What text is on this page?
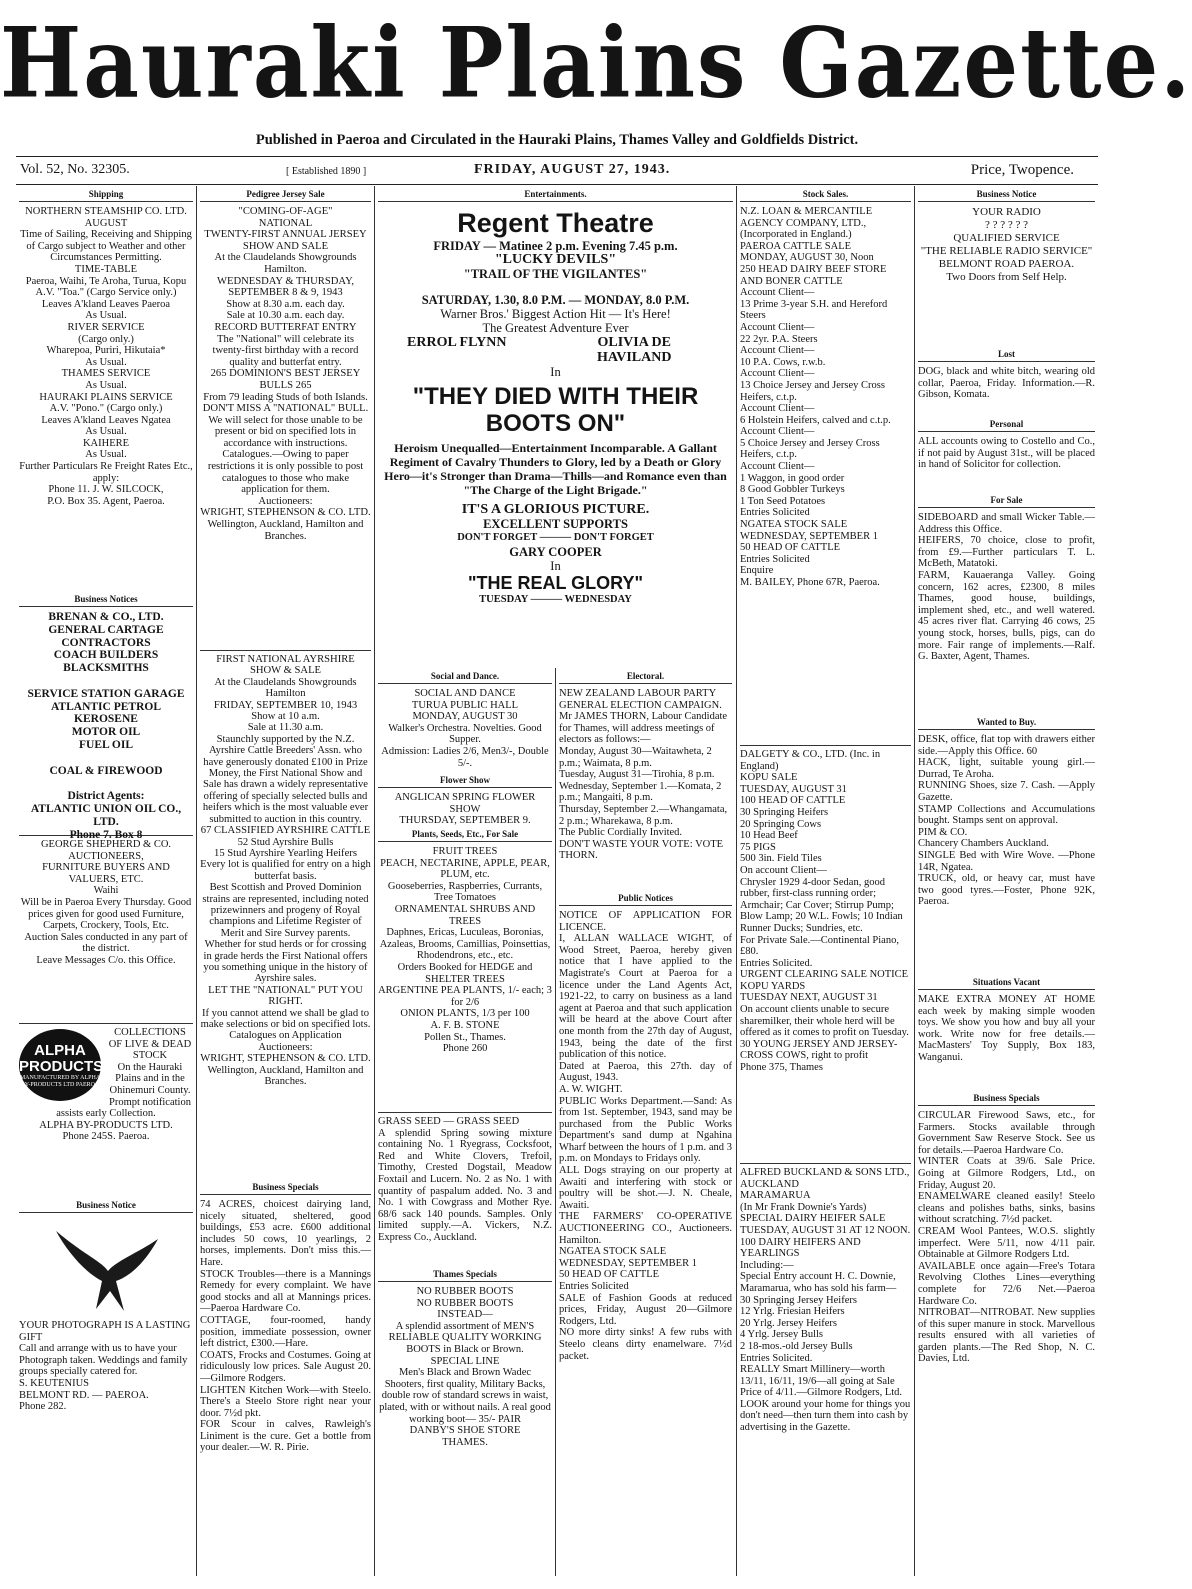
Hauraki Plains Gazette.
Published in Paeroa and Circulated in the Hauraki Plains, Thames Valley and Goldfields District.
Vol. 52, No. 32305.	[ Established 1890 ]	FRIDAY, AUGUST 27, 1943.	Price, Twopence.
Shipping
NORTHERN STEAMSHIP CO. LTD.
AUGUST
Time of Sailing, Receiving and Shipping of Cargo subject to Weather and other Circumstances Permitting.
TIME-TABLE
Paeroa, Waihi, Te Aroha, Turua, Kopu
A.V. "Toa." (Cargo Service only.)
Leaves A'kland Leaves Paeroa
As Usual.
RIVER SERVICE
(Cargo only.)
Wharepoa, Puriri, Hikutaia*
As Usual.
THAMES SERVICE
As Usual.
HAURAKI PLAINS SERVICE
A.V. "Pono." (Cargo only.)
Leaves A'kland Leaves Ngatea
As Usual.
KAIHERE
As Usual.
Further Particulars Re Freight Rates Etc., apply:
Phone 11. J. W. SILCOCK,
P.O. Box 35. Agent, Paeroa.
Business Notices
BRENAN & CO., LTD.
GENERAL CARTAGE CONTRACTORS
COACH BUILDERS
BLACKSMITHS

SERVICE STATION GARAGE
ATLANTIC PETROL
KEROSENE
MOTOR OIL
FUEL OIL

COAL & FIREWOOD

District Agents:
ATLANTIC UNION OIL CO., LTD.
Phone 7. Box 8
GEORGE SHEPHERD & CO.
AUCTIONEERS,
FURNITURE BUYERS AND VALUERS, ETC.
Waihi
Will be in Paeroa Every Thursday. Good prices given for good used Furniture, Carpets, Crockery, Tools, Etc.
Auction Sales conducted in any part of the district.
Leave Messages C/o. this Office.
ALPHA
PRODUCTS
MANUFACTURED BY ALPHA BY-PRODUCTS LTD PAEROA
COLLECTIONS OF LIVE & DEAD STOCK
On the Hauraki Plains and in the Ohinemuri County.
Prompt notification assists early Collection.
ALPHA BY-PRODUCTS LTD.
Phone 245S. Paeroa.
Business Notice
YOUR PHOTOGRAPH IS A LASTING GIFT
Call and arrange with us to have your Photograph taken. Weddings and family groups specially catered for.
S. KEUTENIUS
BELMONT RD. — PAEROA.
Phone 282.
Pedigree Jersey Sale
"COMING-OF-AGE"
NATIONAL
TWENTY-FIRST ANNUAL JERSEY SHOW AND SALE
At the Claudelands Showgrounds Hamilton.
WEDNESDAY & THURSDAY, SEPTEMBER 8 & 9, 1943
Show at 8.30 a.m. each day.
Sale at 10.30 a.m. each day.
RECORD BUTTERFAT ENTRY
The "National" will celebrate its twenty-first birthday with a record quality and butterfat entry.
265 DOMINION'S BEST JERSEY BULLS 265
From 79 leading Studs of both Islands.
DON'T MISS A "NATIONAL" BULL.
We will select for those unable to be present or bid on specified lots in accordance with instructions.
Catalogues.—Owing to paper restrictions it is only possible to post catalogues to those who make application for them.
Auctioneers:
WRIGHT, STEPHENSON & CO. LTD.
Wellington, Auckland, Hamilton and Branches.
FIRST NATIONAL AYRSHIRE SHOW & SALE
At the Claudelands Showgrounds Hamilton
FRIDAY, SEPTEMBER 10, 1943
Show at 10 a.m.
Sale at 11.30 a.m.
Staunchly supported by the N.Z. Ayrshire Cattle Breeders' Assn. who have generously donated £100 in Prize Money, the First National Show and Sale has drawn a widely representative offering of specially selected bulls and heifers which is the most valuable ever submitted to auction in this country.
67 CLASSIFIED AYRSHIRE CATTLE
52 Stud Ayrshire Bulls
15 Stud Ayrshire Yearling Heifers
Every lot is qualified for entry on a high butterfat basis.
Best Scottish and Proved Dominion strains are represented, including noted prizewinners and progeny of Royal champions and Lifetime Register of Merit and Sire Survey parents.
Whether for stud herds or for crossing in grade herds the First National offers you something unique in the history of Ayrshire sales.
LET THE "NATIONAL" PUT YOU RIGHT.
If you cannot attend we shall be glad to make selections or bid on specified lots.
Catalogues on Application
Auctioneers:
WRIGHT, STEPHENSON & CO. LTD.
Wellington, Auckland, Hamilton and Branches.
Business Specials
74 ACRES, choicest dairying land, nicely situated, sheltered, good buildings, £53 acre. £600 additional includes 50 cows, 10 yearlings, 2 horses, implements. Don't miss this.—Hare.
STOCK Troubles—there is a Mannings Remedy for every complaint. We have good stocks and all at Mannings prices.—Paeroa Hardware Co.
COTTAGE, four-roomed, handy position, immediate possession, owner left district, £300.—Hare.
COATS, Frocks and Costumes. Going at ridiculously low prices. Sale August 20.—Gilmore Rodgers.
LIGHTEN Kitchen Work—with Steelo. There's a Steelo Store right near your door. 7½d pkt.
FOR Scour in calves, Rawleigh's Liniment is the cure. Get a bottle from your dealer.—W. R. Pirie.
Entertainments.
Regent Theatre
FRIDAY — Matinee 2 p.m. Evening 7.45 p.m.
"LUCKY DEVILS"
"TRAIL OF THE VIGILANTES"
SATURDAY, 1.30, 8.0 P.M. — MONDAY, 8.0 P.M.
Warner Bros.' Biggest Action Hit — It's Here!
The Greatest Adventure Ever
ERROL FLYNN	OLIVIA DE HAVILAND
In
"THEY DIED WITH THEIR BOOTS ON"
Heroism Unequalled—Entertainment Incomparable. A Gallant Regiment of Cavalry Thunders to Glory, led by a Death or Glory Hero—it's Stronger than Drama—Thills—and Romance even than "The Charge of the Light Brigade."
IT'S A GLORIOUS PICTURE.
EXCELLENT SUPPORTS
DON'T FORGET ——— DON'T FORGET
GARY COOPER
In
"THE REAL GLORY"
TUESDAY ——— WEDNESDAY
Social and Dance.
SOCIAL AND DANCE
TURUA PUBLIC HALL
MONDAY, AUGUST 30
Walker's Orchestra. Novelties. Good Supper.
Admission: Ladies 2/6, Men3/-, Double 5/-.
Flower Show
ANGLICAN SPRING FLOWER SHOW
THURSDAY, SEPTEMBER 9.
Plants, Seeds, Etc., For Sale
FRUIT TREES
PEACH, NECTARINE, APPLE, PEAR, PLUM, etc.
Gooseberries, Raspberries, Currants, Tree Tomatoes
ORNAMENTAL SHRUBS AND TREES
Daphnes, Ericas, Luculeas, Boronias, Azaleas, Brooms, Camillias, Poinsettias, Rhodendrons, etc., etc.
Orders Booked for HEDGE and SHELTER TREES
ARGENTINE PEA PLANTS, 1/- each; 3 for 2/6
ONION PLANTS, 1/3 per 100
A. F. B. STONE
Pollen St., Thames.
Phone 260
GRASS SEED — GRASS SEED
A splendid Spring sowing mixture containing No. 1 Ryegrass, Cocksfoot, Red and White Clovers, Trefoil, Timothy, Crested Dogstail, Meadow Foxtail and Lucern. No. 2 as No. 1 with quantity of paspalum added. No. 3 and No. 1 with Cowgrass and Mother Rye. 68/6 sack 140 pounds. Samples. Only limited supply.—A. Vickers, N.Z. Express Co., Auckland.
Thames Specials
NO RUBBER BOOTS
NO RUBBER BOOTS
INSTEAD—
A splendid assortment of MEN'S RELIABLE QUALITY WORKING BOOTS in Black or Brown.
SPECIAL LINE
Men's Black and Brown Wadec Shooters, first quality, Military Backs, double row of standard screws in waist, plated, with or without nails. A real good working boot— 35/- PAIR
DANBY'S SHOE STORE
THAMES.
Electoral.
NEW ZEALAND LABOUR PARTY
GENERAL ELECTION CAMPAIGN.
Mr JAMES THORN, Labour Candidate for Thames, will address meetings of electors as follows:—
Monday, August 30—Waitawheta, 2 p.m.; Waimata, 8 p.m.
Tuesday, August 31—Tirohia, 8 p.m.
Wednesday, September 1.—Komata, 2 p.m.; Mangaiti, 8 p.m.
Thursday, September 2.—Whangamata, 2 p.m.; Wharekawa, 8 p.m.
The Public Cordially Invited.
DON'T WASTE YOUR VOTE: VOTE THORN.
Public Notices
NOTICE OF APPLICATION FOR LICENCE.
I, ALLAN WALLACE WIGHT, of Wood Street, Paeroa, hereby given notice that I have applied to the Magistrate's Court at Paeroa for a licence under the Land Agents Act, 1921-22, to carry on business as a land agent at Paeroa and that such application will be heard at the above Court after one month from the 27th day of August, 1943, being the date of the first publication of this notice.
Dated at Paeroa, this 27th. day of August, 1943.
A. W. WIGHT.
PUBLIC Works Department.—Sand: As from 1st. September, 1943, sand may be purchased from the Public Works Department's sand dump at Ngahina Wharf between the hours of 1 p.m. and 3 p.m. on Mondays to Fridays only.
ALL Dogs straying on our property at Awaiti and interfering with stock or poultry will be shot.—J. N. Cheale, Awaiti.
THE FARMERS' CO-OPERATIVE AUCTIONEERING CO., Auctioneers. Hamilton.
NGATEA STOCK SALE
WEDNESDAY, SEPTEMBER 1
50 HEAD OF CATTLE
Entries Solicited
SALE of Fashion Goods at reduced prices, Friday, August 20—Gilmore Rodgers, Ltd.
NO more dirty sinks! A few rubs with Steelo cleans dirty enamelware. 7½d packet.
Stock Sales.
N.Z. LOAN & MERCANTILE AGENCY COMPANY, LTD., (Incorporated in England.)
PAEROA CATTLE SALE
MONDAY, AUGUST 30, Noon
250 HEAD DAIRY BEEF STORE AND BONER CATTLE
Account Client—
13 Prime 3-year S.H. and Hereford Steers
Account Client—
22 2yr. P.A. Steers
Account Client—
10 P.A. Cows, r.w.b.
Account Client—
13 Choice Jersey and Jersey Cross Heifers, c.t.p.
Account Client—
6 Holstein Heifers, calved and c.t.p.
Account Client—
5 Choice Jersey and Jersey Cross Heifers, c.t.p.
Account Client—
1 Waggon, in good order
8 Good Gobbler Turkeys
1 Ton Seed Potatoes
Entries Solicited
NGATEA STOCK SALE
WEDNESDAY, SEPTEMBER 1
50 HEAD OF CATTLE
Entries Solicited
Enquire
M. BAILEY, Phone 67R, Paeroa.
DALGETY & CO., LTD. (Inc. in England)
KOPU SALE
TUESDAY, AUGUST 31
100 HEAD OF CATTLE
30 Springing Heifers
20 Springing Cows
10 Head Beef
75 PIGS
500 3in. Field Tiles
On account Client—
Chrysler 1929 4-door Sedan, good rubber, first-class running order; Armchair; Car Cover; Stirrup Pump; Blow Lamp; 20 W.L. Fowls; 10 Indian Runner Ducks; Sundries, etc.
For Private Sale.—Continental Piano, £80.
Entries Solicited.
URGENT CLEARING SALE NOTICE
KOPU YARDS
TUESDAY NEXT, AUGUST 31
On account clients unable to secure sharemilker, their whole herd will be offered as it comes to profit on Tuesday.
30 YOUNG JERSEY AND JERSEY-CROSS COWS, right to profit
Phone 375, Thames
ALFRED BUCKLAND & SONS LTD., AUCKLAND
MARAMARUA
(In Mr Frank Downie's Yards)
SPECIAL DAIRY HEIFER SALE
TUESDAY, AUGUST 31 AT 12 NOON.
100 DAIRY HEIFERS AND YEARLINGS
Including:—
Special Entry account H. C. Downie, Maramarua, who has sold his farm—
30 Springing Jersey Heifers
12 Yrlg. Friesian Heifers
20 Yrlg. Jersey Heifers
4 Yrlg. Jersey Bulls
2 18-mos.-old Jersey Bulls
Entries Solicited.
REALLY Smart Millinery—worth 13/11, 16/11, 19/6—all going at Sale Price of 4/11.—Gilmore Rodgers, Ltd.
LOOK around your home for things you don't need—then turn them into cash by advertising in the Gazette.
Business Notice
YOUR RADIO
? ? ? ? ? ?
QUALIFIED SERVICE
"THE RELIABLE RADIO SERVICE"
BELMONT ROAD PAEROA.
Two Doors from Self Help.
Lost
DOG, black and white bitch, wearing old collar, Paeroa, Friday. Information.—R. Gibson, Komata.
Personal
ALL accounts owing to Costello and Co., if not paid by August 31st., will be placed in hand of Solicitor for collection.
For Sale
SIDEBOARD and small Wicker Table.—Address this Office.
HEIFERS, 70 choice, close to profit, from £9.—Further particulars T. L. McBeth, Matatoki.
FARM, Kauaeranga Valley. Going concern, 162 acres, £2300, 8 miles Thames, good house, buildings, implement shed, etc., and well watered. 45 acres river flat. Carrying 46 cows, 25 young stock, horses, bulls, pigs, can do more. Fair range of implements.—Ralf. G. Baxter, Agent, Thames.
Wanted to Buy.
DESK, office, flat top with drawers either side.—Apply this Office. 60
HACK, light, suitable young girl.—Durrad, Te Aroha.
RUNNING Shoes, size 7. Cash. —Apply Gazette.
STAMP Collections and Accumulations bought. Stamps sent on approval.
PIM & CO.
Chancery Chambers Auckland.
SINGLE Bed with Wire Wove. —Phone 14R, Ngatea.
TRUCK, old, or heavy car, must have two good tyres.—Foster, Phone 92K, Paeroa.
Situations Vacant
MAKE EXTRA MONEY AT HOME each week by making simple wooden toys. We show you how and buy all your work. Write now for free details.—MacMasters' Toy Supply, Box 183, Wanganui.
Business Specials
CIRCULAR Firewood Saws, etc., for Farmers. Stocks available through Government Saw Reserve Stock. See us for details.—Paeroa Hardware Co.
WINTER Coats at 39/6. Sale Price. Going at Gilmore Rodgers, Ltd., on Friday, August 20.
ENAMELWARE cleaned easily! Steelo cleans and polishes baths, sinks, basins without scratching. 7½d packet.
CREAM Wool Pantees, W.O.S. slightly imperfect. Were 5/11, now 4/11 pair. Obtainable at Gilmore Rodgers Ltd.
AVAILABLE once again—Free's Totara Revolving Clothes Lines—everything complete for 72/6 Net.—Paeroa Hardware Co.
NITROBAT—NITROBAT. New supplies of this super manure in stock. Marvellous results ensured with all varieties of garden plants.—The Red Shop, N. C. Davies, Ltd.
